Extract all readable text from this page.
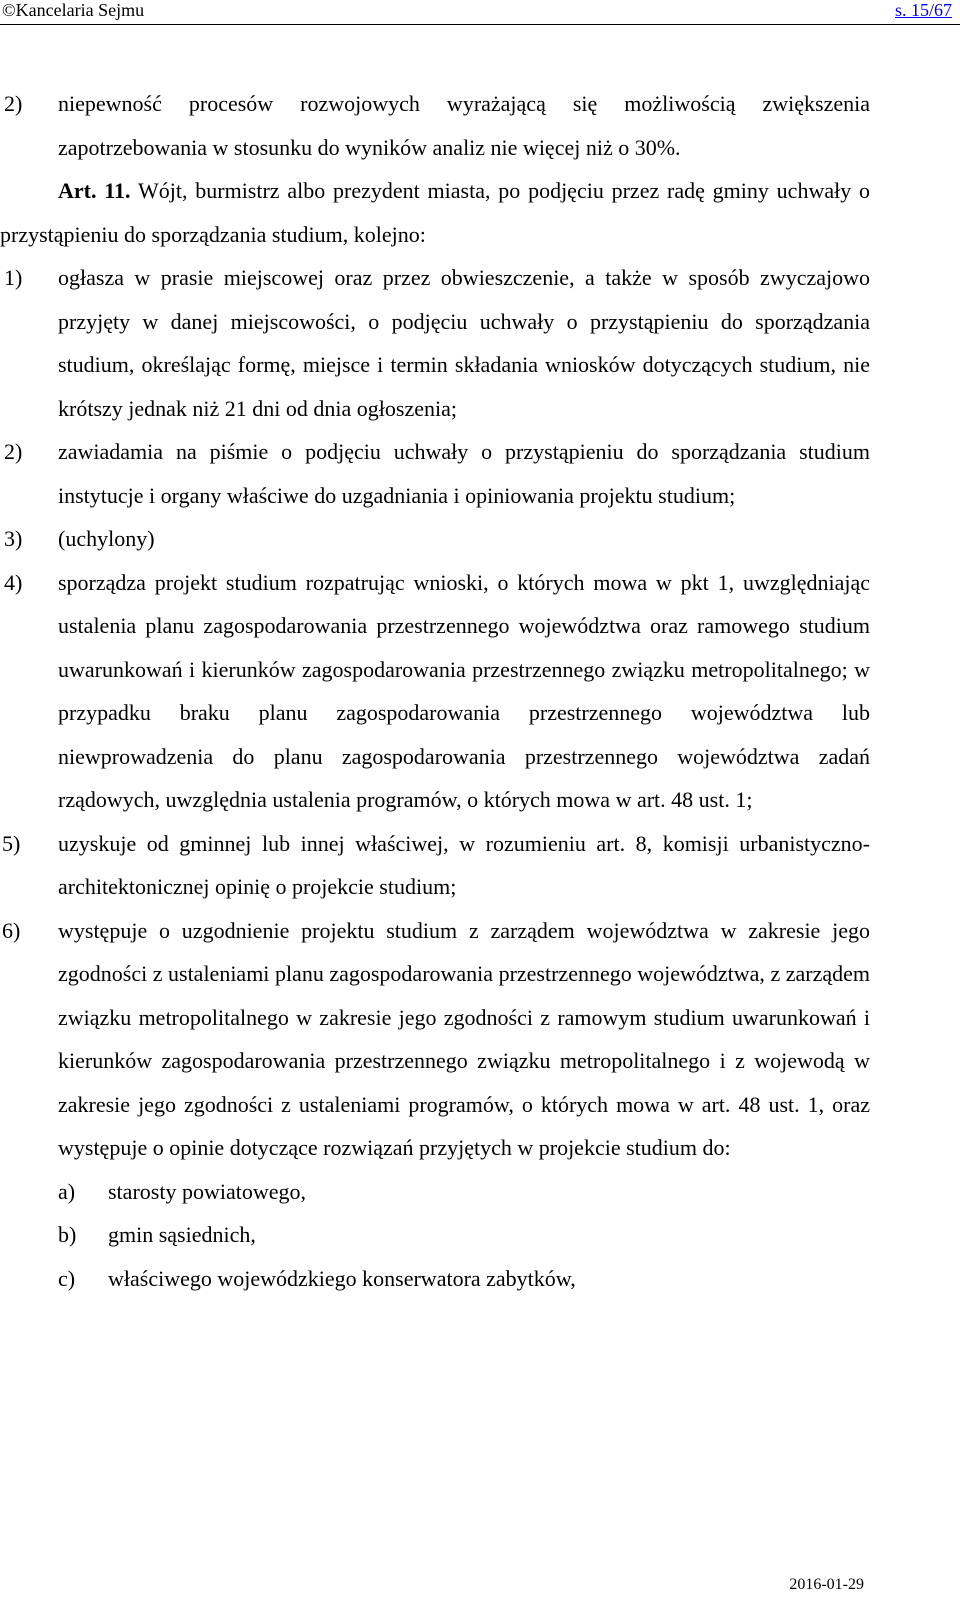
©Kancelaria Sejmu	s. 15/67
2)	niepewność procesów rozwojowych wyrażającą się możliwością zwiększenia zapotrzebowania w stosunku do wyników analiz nie więcej niż o 30%.

Art. 11. Wójt, burmistrz albo prezydent miasta, po podjęciu przez radę gminy uchwały o przystąpieniu do sporządzania studium, kolejno:

1)	ogłasza w prasie miejscowej oraz przez obwieszczenie, a także w sposób zwyczajowo przyjęty w danej miejscowości, o podjęciu uchwały o przystąpieniu do sporządzania studium, określając formę, miejsce i termin składania wniosków dotyczących studium, nie krótszy jednak niż 21 dni od dnia ogłoszenia;
2)	zawiadamia na piśmie o podjęciu uchwały o przystąpieniu do sporządzania studium instytucje i organy właściwe do uzgadniania i opiniowania projektu studium;
3)	(uchylony)
4)	sporządza projekt studium rozpatrując wnioski, o których mowa w pkt 1, uwzględniając ustalenia planu zagospodarowania przestrzennego województwa oraz ramowego studium uwarunkowań i kierunków zagospodarowania przestrzennego związku metropolitalnego; w przypadku braku planu zagospodarowania przestrzennego województwa lub niewprowadzenia do planu zagospodarowania przestrzennego województwa zadań rządowych, uwzględnia ustalenia programów, o których mowa w art. 48 ust. 1;
5)	uzyskuje od gminnej lub innej właściwej, w rozumieniu art. 8, komisji urbanistyczno-architektonicznej opinię o projekcie studium;
6)	występuje o uzgodnienie projektu studium z zarządem województwa w zakresie jego zgodności z ustaleniami planu zagospodarowania przestrzennego województwa, z zarządem związku metropolitalnego w zakresie jego zgodności z ramowym studium uwarunkowań i kierunków zagospodarowania przestrzennego związku metropolitalnego i z wojewodą w zakresie jego zgodności z ustaleniami programów, o których mowa w art. 48 ust. 1, oraz występuje o opinie dotyczące rozwiązań przyjętych w projekcie studium do:
a)	starosty powiatowego,
b)	gmin sąsiednich,
c)	właściwego wojewódzkiego konserwatora zabytków,
2016-01-29
